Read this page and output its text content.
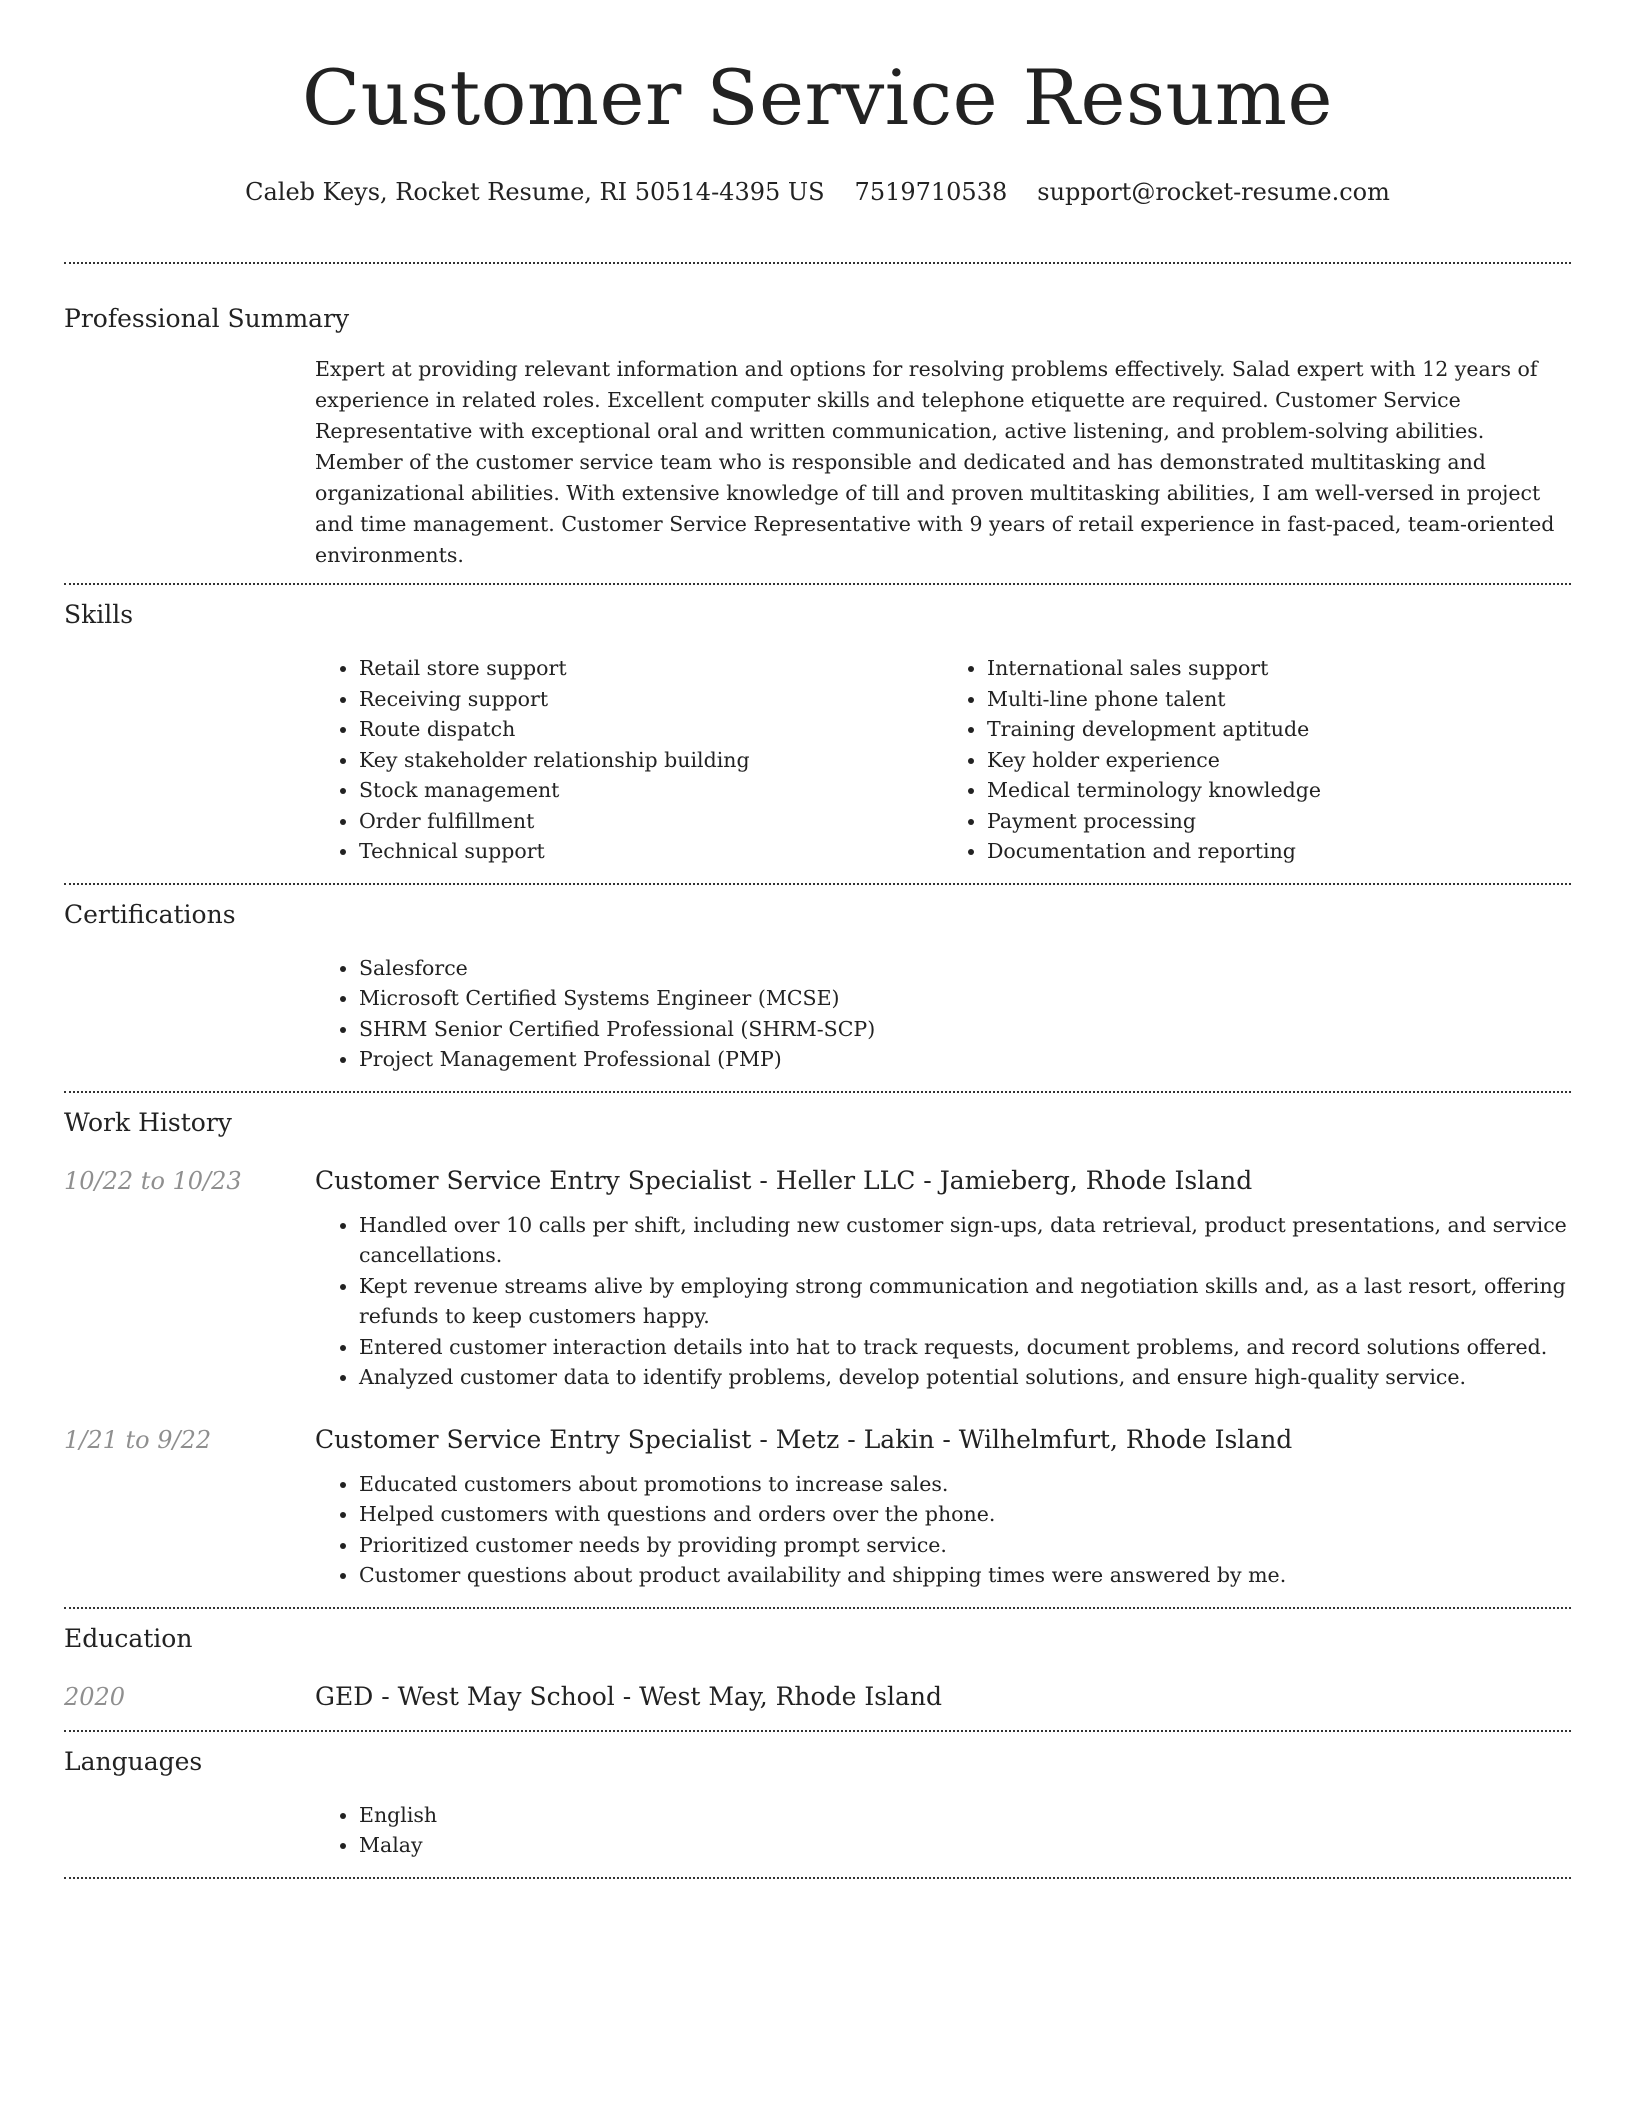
Customer Service Resume
Caleb Keys, Rocket Resume, RI 50514-4395 US 7519710538 support@rocket-resume.com
Professional Summary

Expert at providing relevant information and options for resolving problems effectively. Salad expert with 12 years of experience in related roles. Excellent computer skills and telephone etiquette are required. Customer Service Representative with exceptional oral and written communication, active listening, and problem-solving abilities. Member of the customer service team who is responsible and dedicated and has demonstrated multitasking and organizational abilities. With extensive knowledge of till and proven multitasking abilities, I am well-versed in project and time management. Customer Service Representative with 9 years of retail experience in fast-paced, team-oriented environments.

Skills
• Retail store support
• Receiving support
• Route dispatch
• Key stakeholder relationship building
• Stock management
• Order fulfillment
• Technical support
• International sales support
• Multi-line phone talent
• Training development aptitude
• Key holder experience
• Medical terminology knowledge
• Payment processing
• Documentation and reporting
Certifications
• Salesforce
• Microsoft Certified Systems Engineer (MCSE)
• SHRM Senior Certified Professional (SHRM-SCP)
• Project Management Professional (PMP)
Work History
10/22 to 10/23	Customer Service Entry Specialist - Heller LLC - Jamieberg, Rhode Island
• Handled over 10 calls per shift, including new customer sign-ups, data retrieval, product presentations, and service cancellations.
• Kept revenue streams alive by employing strong communication and negotiation skills and, as a last resort, offering refunds to keep customers happy.
• Entered customer interaction details into hat to track requests, document problems, and record solutions offered.
• Analyzed customer data to identify problems, develop potential solutions, and ensure high-quality service.
1/21 to 9/22	Customer Service Entry Specialist - Metz - Lakin - Wilhelmfurt, Rhode Island
• Educated customers about promotions to increase sales.
• Helped customers with questions and orders over the phone.
• Prioritized customer needs by providing prompt service.
• Customer questions about product availability and shipping times were answered by me.
Education
2020	GED - West May School - West May, Rhode Island
Languages
• English
• Malay
